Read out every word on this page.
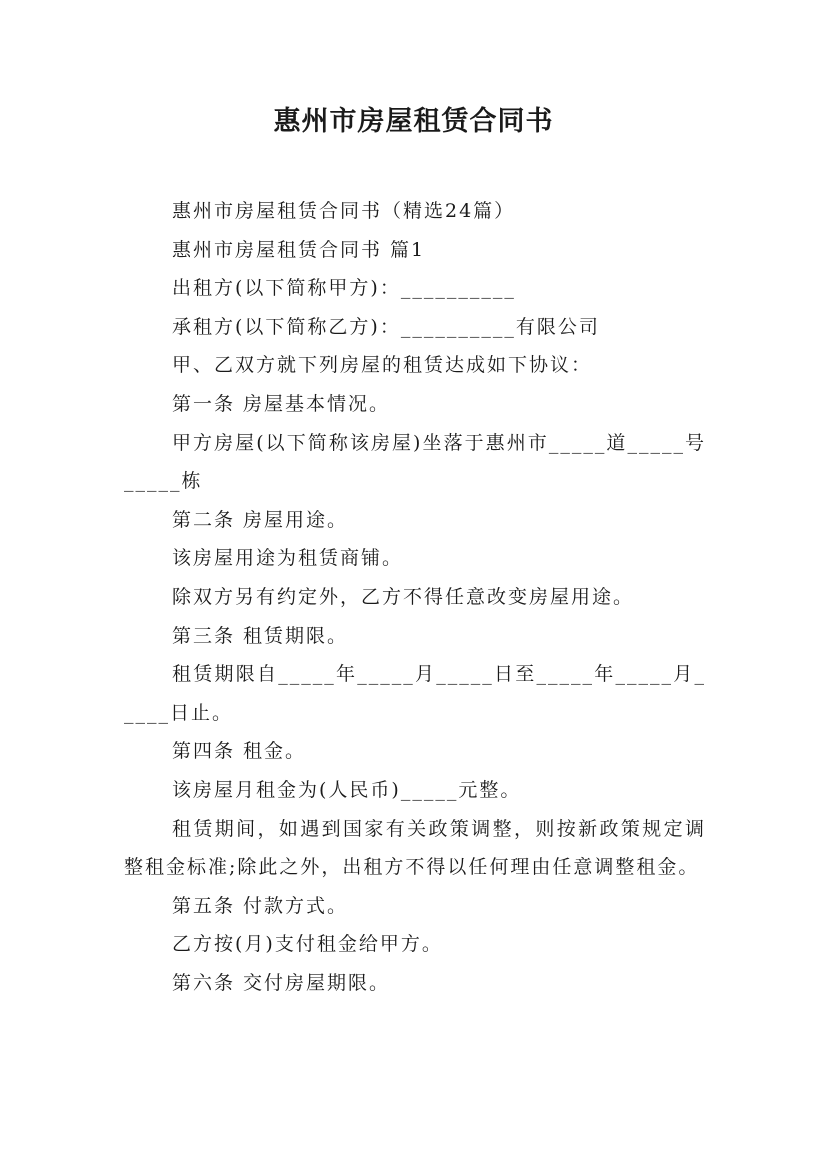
惠州市房屋租赁合同书

惠州市房屋租赁合同书（精选24篇）

惠州市房屋租赁合同书 篇1

出租方(以下简称甲方)：__________

承租方(以下简称乙方)：__________有限公司

甲、乙双方就下列房屋的租赁达成如下协议：

第一条 房屋基本情况。

甲方房屋(以下简称该房屋)坐落于惠州市_____道_____号_____栋

第二条 房屋用途。

该房屋用途为租赁商铺。

除双方另有约定外，乙方不得任意改变房屋用途。

第三条 租赁期限。

租赁期限自_____年_____月_____日至_____年_____月_____日止。

第四条 租金。

该房屋月租金为(人民币)_____元整。

租赁期间，如遇到国家有关政策调整，则按新政策规定调整租金标准;除此之外，出租方不得以任何理由任意调整租金。

第五条 付款方式。

乙方按(月)支付租金给甲方。

第六条 交付房屋期限。
